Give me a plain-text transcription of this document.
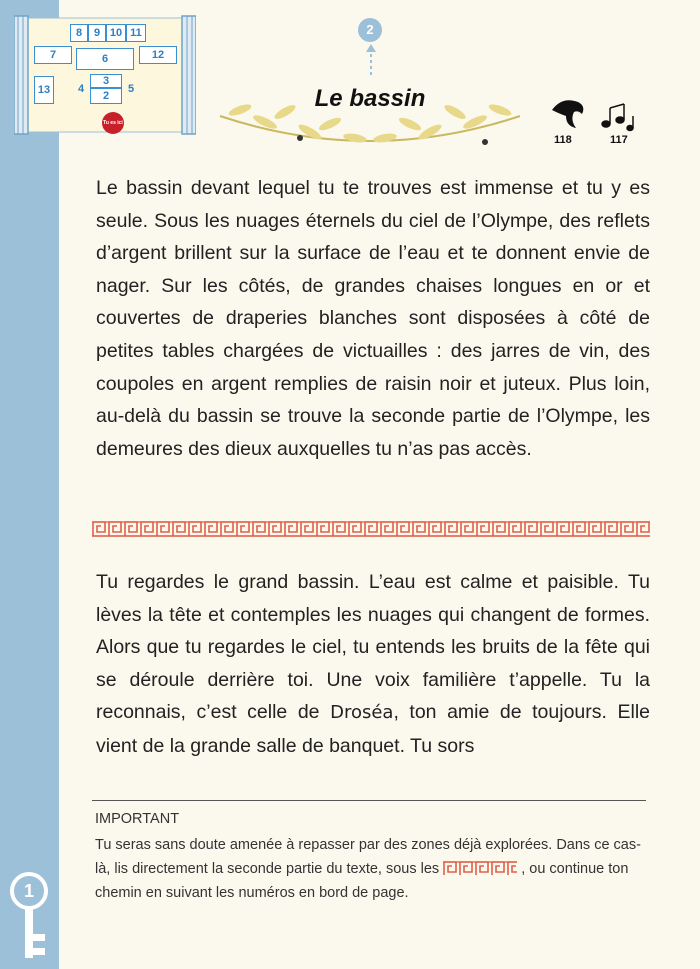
1
8	9 10 11
7	6	12
13	4
3
2
5
Tu es ici
2
Le bassin
118	117

Le bassin devant lequel tu te trouves est immense et tu y es seule. Sous les nuages éternels du ciel de l’Olympe, des reflets d’argent brillent sur la surface de l’eau et te donnent envie de nager. Sur les côtés, de grandes chaises longues en or et couvertes de draperies blanches sont disposées à côté de petites tables chargées de victuailles : des jarres de vin, des coupoles en argent remplies de raisin noir et juteux. Plus loin, au-delà du bassin se trouve la seconde partie de l’Olympe, les demeures des dieux auxquelles tu n’as pas accès.

Tu regardes le grand bassin. L’eau est calme et paisible. Tu lèves la tête et contemples les nuages qui changent de formes. Alors que tu regardes le ciel, tu entends les bruits de la fête qui se déroule derrière toi. Une voix familière t’appelle. Tu la reconnais, c’est celle de Droséa, ton amie de toujours. Elle vient de la grande salle de banquet. Tu sors

IMPORTANT

Tu seras sans doute amenée à repasser par des zones déjà explorées. Dans ce cas-là, lis directement la seconde partie du texte, sous les	, ou continue ton chemin en suivant les numéros en bord de page.
